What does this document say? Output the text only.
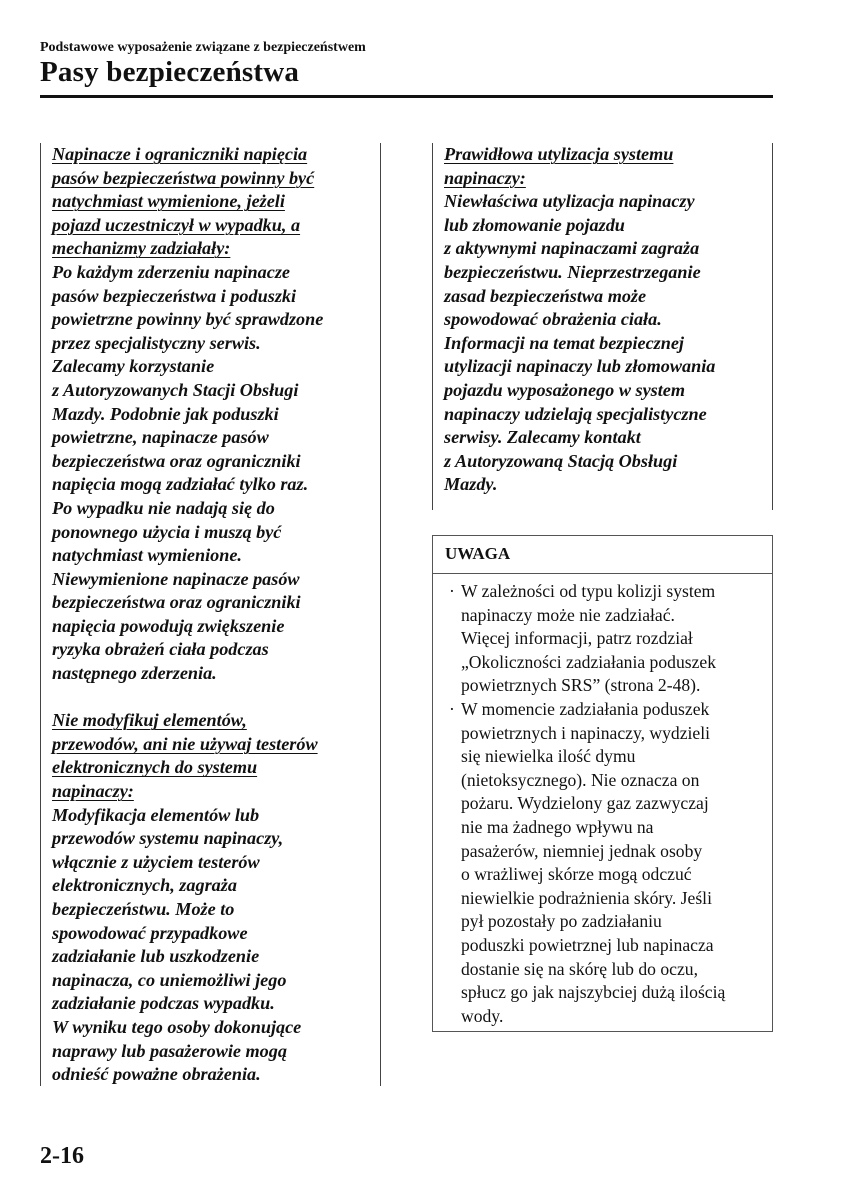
Podstawowe wyposażenie związane z bezpieczeństwem
Pasy bezpieczeństwa
Napinacze i ograniczniki napięcia
pasów bezpieczeństwa powinny być
natychmiast wymienione, jeżeli
pojazd uczestniczył w wypadku, a
mechanizmy zadziałały:
Po każdym zderzeniu napinacze
pasów bezpieczeństwa i poduszki
powietrzne powinny być sprawdzone
przez specjalistyczny serwis.
Zalecamy korzystanie
z Autoryzowanych Stacji Obsługi
Mazdy. Podobnie jak poduszki
powietrzne, napinacze pasów
bezpieczeństwa oraz ograniczniki
napięcia mogą zadziałać tylko raz.
Po wypadku nie nadają się do
ponownego użycia i muszą być
natychmiast wymienione.
Niewymienione napinacze pasów
bezpieczeństwa oraz ograniczniki
napięcia powodują zwiększenie
ryzyka obrażeń ciała podczas
następnego zderzenia.
Nie modyfikuj elementów,
przewodów, ani nie używaj testerów
elektronicznych do systemu
napinaczy:
Modyfikacja elementów lub
przewodów systemu napinaczy,
włącznie z użyciem testerów
elektronicznych, zagraża
bezpieczeństwu. Może to
spowodować przypadkowe
zadziałanie lub uszkodzenie
napinacza, co uniemożliwi jego
zadziałanie podczas wypadku.
W wyniku tego osoby dokonujące
naprawy lub pasażerowie mogą
odnieść poważne obrażenia.
Prawidłowa utylizacja systemu
napinaczy:
Niewłaściwa utylizacja napinaczy
lub złomowanie pojazdu
z aktywnymi napinaczami zagraża
bezpieczeństwu. Nieprzestrzeganie
zasad bezpieczeństwa może
spowodować obrażenia ciała.
Informacji na temat bezpiecznej
utylizacji napinaczy lub złomowania
pojazdu wyposażonego w system
napinaczy udzielają specjalistyczne
serwisy. Zalecamy kontakt
z Autoryzowaną Stacją Obsługi
Mazdy.
UWAGA
· W zależności od typu kolizji system
napinaczy może nie zadziałać.
Więcej informacji, patrz rozdział
„Okoliczności zadziałania poduszek
powietrznych SRS” (strona 2-48).
· W momencie zadziałania poduszek
powietrznych i napinaczy, wydzieli
się niewielka ilość dymu
(nietoksycznego). Nie oznacza on
pożaru. Wydzielony gaz zazwyczaj
nie ma żadnego wpływu na
pasażerów, niemniej jednak osoby
o wrażliwej skórze mogą odczuć
niewielkie podrażnienia skóry. Jeśli
pył pozostały po zadziałaniu
poduszki powietrznej lub napinacza
dostanie się na skórę lub do oczu,
spłucz go jak najszybciej dużą ilością
wody.
2-16
